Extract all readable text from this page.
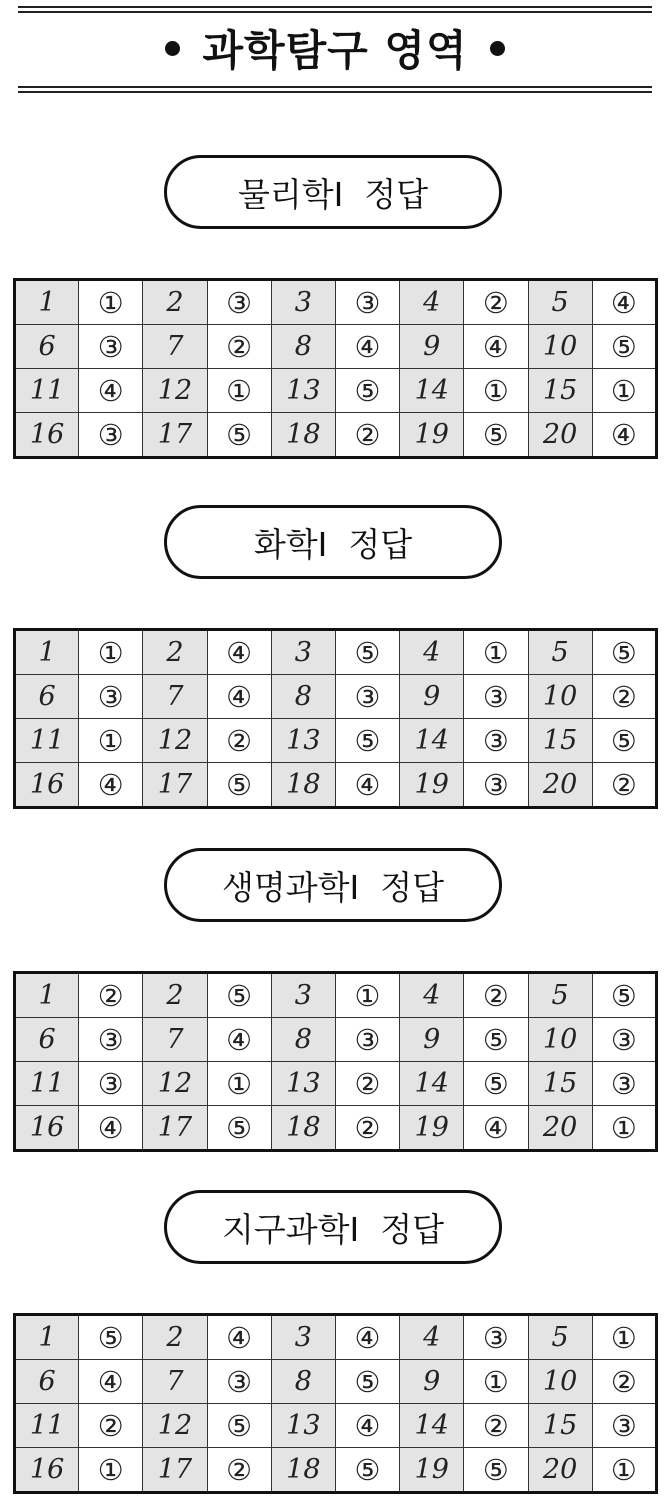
과학탐구 영역
물리학Ⅰ  정답
1	①	2	③	3	③	4	②	5	④
6	③	7	②	8	④	9	④	10	⑤
11	④	12	①	13	⑤	14	①	15	①
16	③	17	⑤	18	②	19	⑤	20	④
화학Ⅰ  정답
1	①	2	④	3	⑤	4	①	5	⑤
6	③	7	④	8	③	9	③	10	②
11	①	12	②	13	⑤	14	③	15	⑤
16	④	17	⑤	18	④	19	③	20	②
생명과학Ⅰ  정답
1	②	2	⑤	3	①	4	②	5	⑤
6	③	7	④	8	③	9	⑤	10	③
11	③	12	①	13	②	14	⑤	15	③
16	④	17	⑤	18	②	19	④	20	①
지구과학Ⅰ  정답
1	⑤	2	④	3	④	4	③	5	①
6	④	7	③	8	⑤	9	①	10	②
11	②	12	⑤	13	④	14	②	15	③
16	①	17	②	18	⑤	19	⑤	20	①
